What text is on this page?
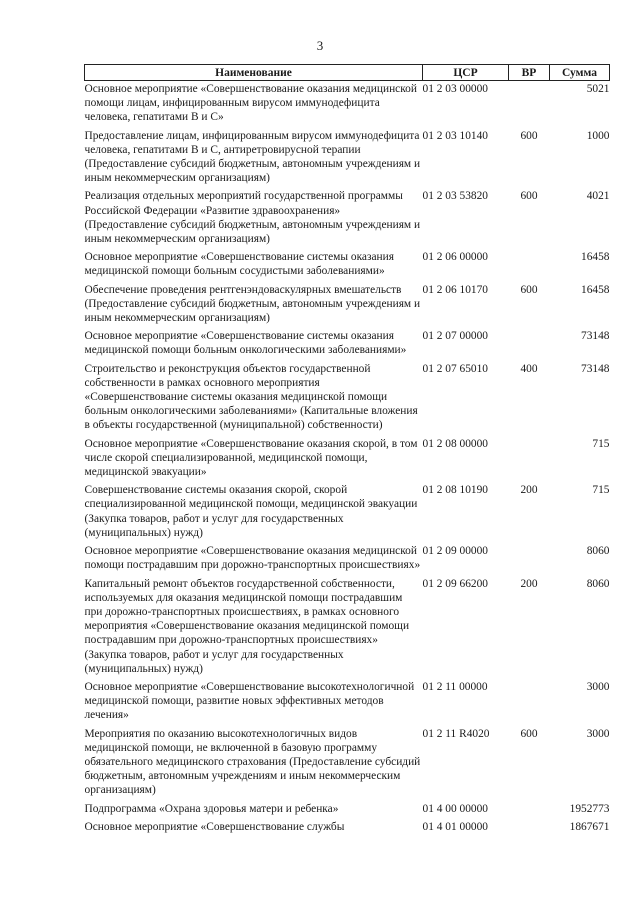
3
Наименование	ЦСР	ВР	Сумма
Основное мероприятие «Совершенствование оказания медицинской помощи лицам, инфицированным вирусом иммунодефицита человека, гепатитами B и C»	01 2 03 00000		5021
Предоставление лицам, инфицированным вирусом иммунодефицита человека, гепатитами B и C, антиретровирусной терапии (Предоставление субсидий бюджетным, автономным учреждениям и иным некоммерческим организациям)	01 2 03 10140	600	1000
Реализация отдельных мероприятий государственной программы Российской Федерации «Развитие здравоохранения» (Предоставление субсидий бюджетным, автономным учреждениям и иным некоммерческим организациям)	01 2 03 53820	600	4021
Основное мероприятие «Совершенствование системы оказания медицинской помощи больным сосудистыми заболеваниями»	01 2 06 00000		16458
Обеспечение проведения рентгенэндоваскулярных вмешательств (Предоставление субсидий бюджетным, автономным учреждениям и иным некоммерческим организациям)	01 2 06 10170	600	16458
Основное мероприятие «Совершенствование системы оказания медицинской помощи больным онкологическими заболеваниями»	01 2 07 00000		73148
Строительство и реконструкция объектов государственной собственности в рамках основного мероприятия «Совершенствование системы оказания медицинской помощи больным онкологическими заболеваниями» (Капитальные вложения в объекты государственной (муниципальной) собственности)	01 2 07 65010	400	73148
Основное мероприятие «Совершенствование оказания скорой, в том числе скорой специализированной, медицинской помощи, медицинской эвакуации»	01 2 08 00000		715
Совершенствование системы оказания скорой, скорой специализированной медицинской помощи, медицинской эвакуации (Закупка товаров, работ и услуг для государственных (муниципальных) нужд)	01 2 08 10190	200	715
Основное мероприятие «Совершенствование оказания медицинской помощи пострадавшим при дорожно-транспортных происшествиях»	01 2 09 00000		8060
Капитальный ремонт объектов государственной собственности, используемых для оказания медицинской помощи пострадавшим при дорожно-транспортных происшествиях, в рамках основного мероприятия «Совершенствование оказания медицинской помощи пострадавшим при дорожно-транспортных происшествиях» (Закупка товаров, работ и услуг для государственных (муниципальных) нужд)	01 2 09 66200	200	8060
Основное мероприятие «Совершенствование высокотехнологичной медицинской помощи, развитие новых эффективных методов лечения»	01 2 11 00000		3000
Мероприятия по оказанию высокотехнологичных видов медицинской помощи, не включенной в базовую программу обязательного медицинского страхования (Предоставление субсидий бюджетным, автономным учреждениям и иным некоммерческим организациям)	01 2 11 R4020	600	3000
Подпрограмма «Охрана здоровья матери и ребенка»	01 4 00 00000		1952773
Основное мероприятие «Совершенствование службы	01 4 01 00000		1867671
